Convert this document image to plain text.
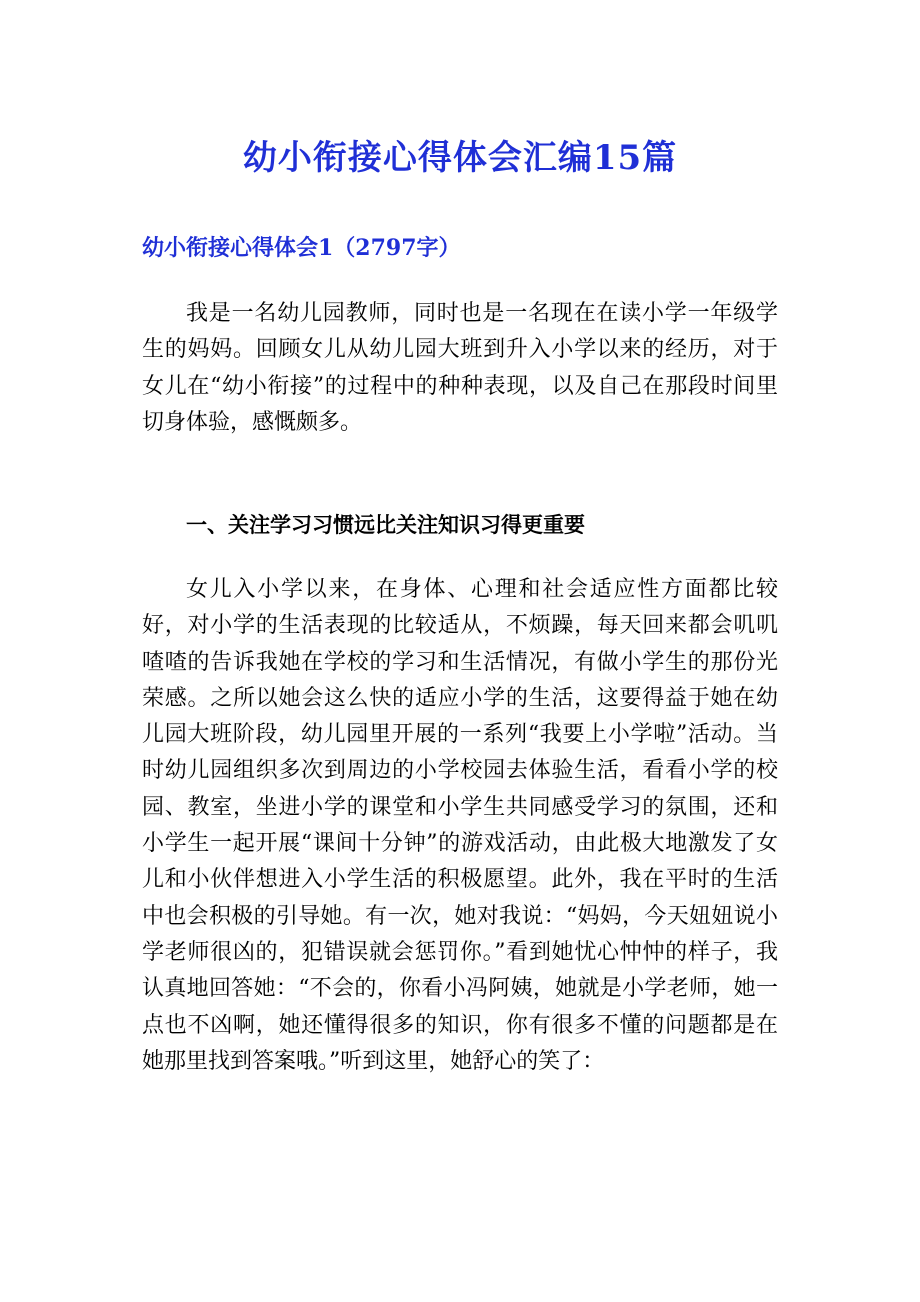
幼小衔接心得体会汇编15篇
幼小衔接心得体会1（2797字）

我是一名幼儿园教师，同时也是一名现在在读小学一年级学生的妈妈。回顾女儿从幼儿园大班到升入小学以来的经历，对于女儿在“幼小衔接”的过程中的种种表现，以及自己在那段时间里切身体验，感慨颇多。

一、关注学习习惯远比关注知识习得更重要

女儿入小学以来，在身体、心理和社会适应性方面都比较好，对小学的生活表现的比较适从，不烦躁，每天回来都会叽叽喳喳的告诉我她在学校的学习和生活情况，有做小学生的那份光荣感。之所以她会这么快的适应小学的生活，这要得益于她在幼儿园大班阶段，幼儿园里开展的一系列“我要上小学啦”活动。当时幼儿园组织多次到周边的小学校园去体验生活，看看小学的校园、教室，坐进小学的课堂和小学生共同感受学习的氛围，还和小学生一起开展“课间十分钟”的游戏活动，由此极大地激发了女儿和小伙伴想进入小学生活的积极愿望。此外，我在平时的生活中也会积极的引导她。有一次，她对我说：“妈妈，今天妞妞说小学老师很凶的，犯错误就会惩罚你。”看到她忧心忡忡的样子，我认真地回答她：“不会的，你看小冯阿姨，她就是小学老师，她一点也不凶啊，她还懂得很多的知识，你有很多不懂的问题都是在她那里找到答案哦。”听到这里，她舒心的笑了：
